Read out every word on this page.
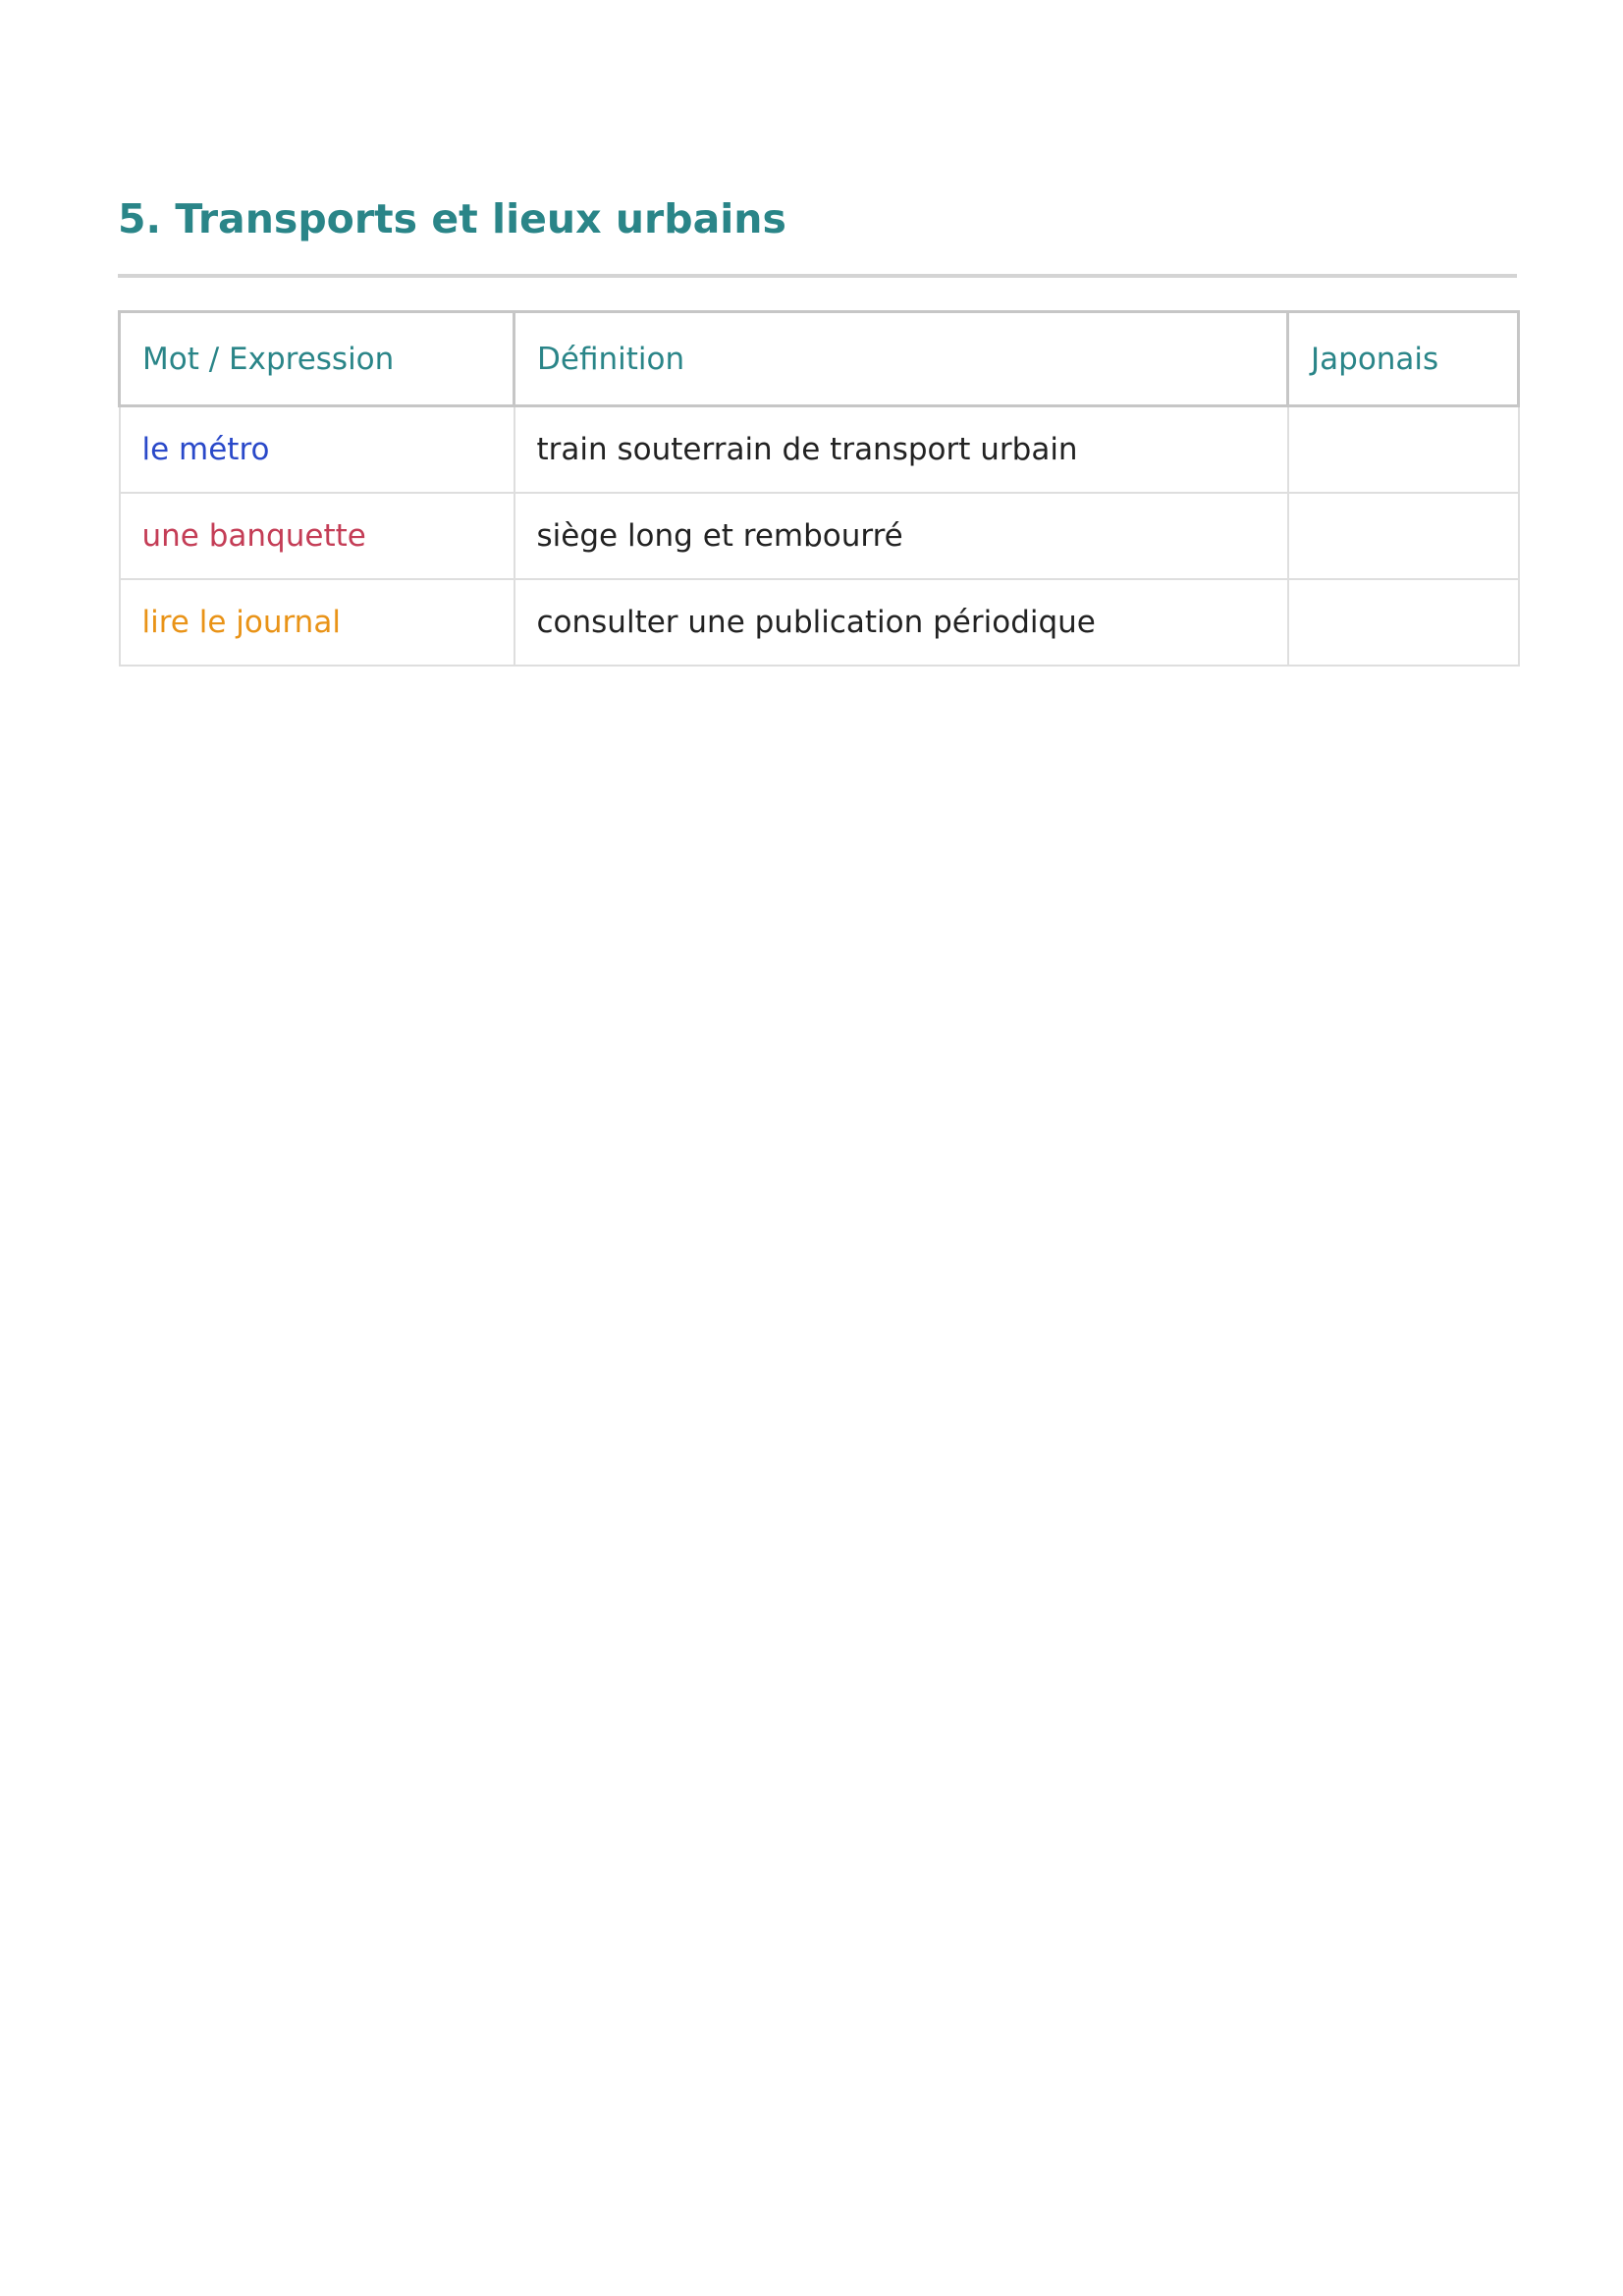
5. Transports et lieux urbains
Mot / Expression	Définition	Japonais
le métro	train souterrain de transport urbain	
une banquette	siège long et rembourré	
lire le journal	consulter une publication périodique	
